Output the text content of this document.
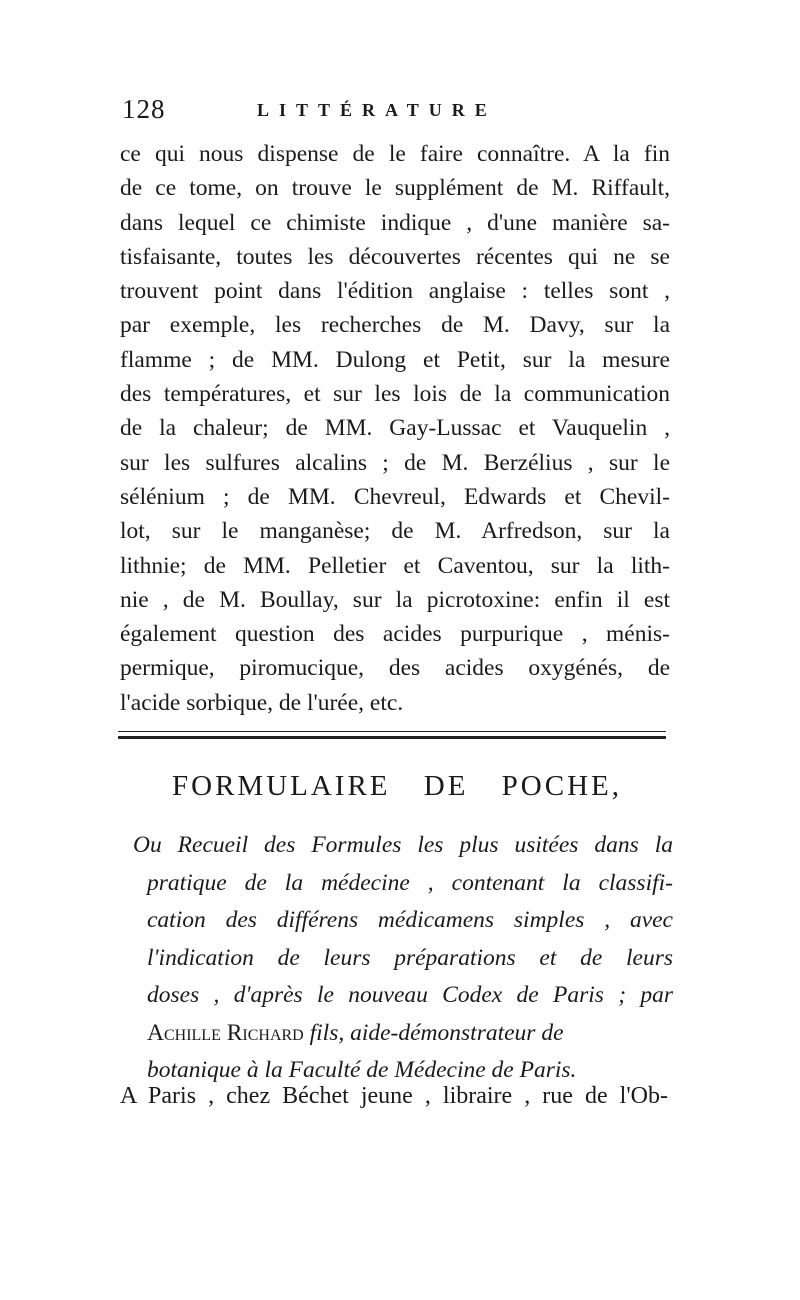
128	LITTÉRATURE
ce qui nous dispense de le faire connaître. A la fin
de ce tome, on trouve le supplément de M. Riffault,
dans lequel ce chimiste indique , d'une manière sa-
tisfaisante, toutes les découvertes récentes qui ne se
trouvent point dans l'édition anglaise : telles sont ,
par exemple, les recherches de M. Davy, sur la
flamme ; de MM. Dulong et Petit, sur la mesure
des températures, et sur les lois de la communication
de la chaleur; de MM. Gay-Lussac et Vauquelin ,
sur les sulfures alcalins ; de M. Berzélius , sur le
sélénium ; de MM. Chevreul, Edwards et Chevil-
lot, sur le manganèse; de M. Arfredson, sur la
lithnie; de MM. Pelletier et Caventou, sur la lith-
nie , de M. Boullay, sur la picrotoxine: enfin il est
également question des acides purpurique , ménis-
permique, piromucique, des acides oxygénés, de
l'acide sorbique, de l'urée, etc.
FORMULAIRE DE POCHE,
Ou Recueil des Formules les plus usitées dans la
pratique de la médecine , contenant la classifi-
cation des différens médicamens simples , avec
l'indication de leurs préparations et de leurs
doses , d'après le nouveau Codex de Paris ; par
Achille Richard fils, aide-démonstrateur de
botanique à la Faculté de Médecine de Paris.
A Paris , chez Béchet jeune , libraire , rue de l'Ob-
